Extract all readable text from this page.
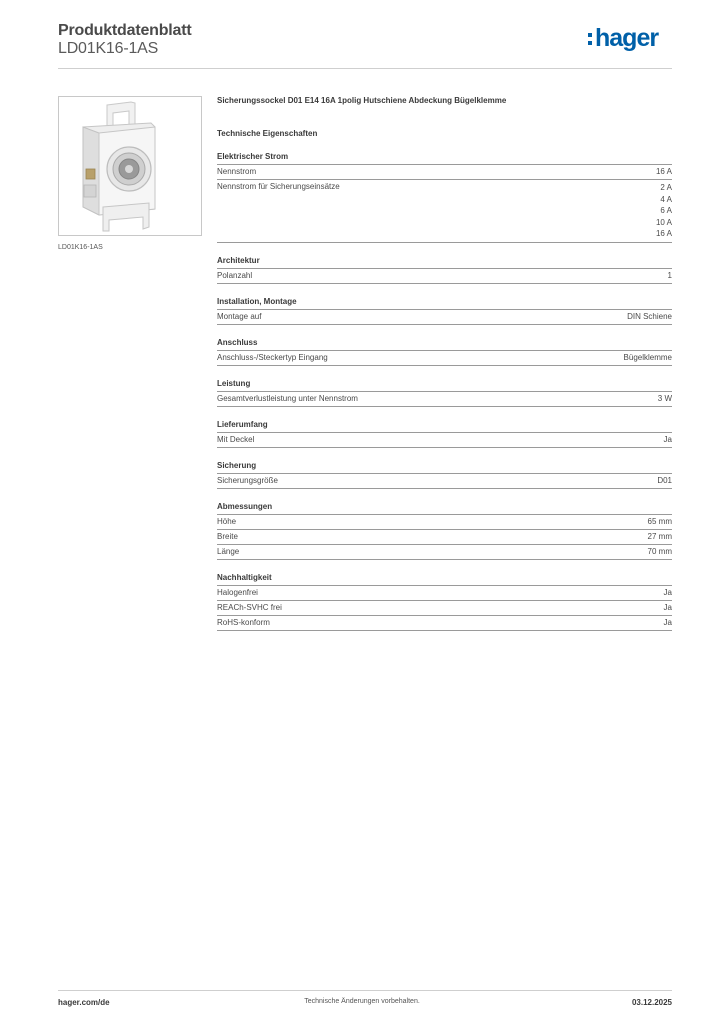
Produktdatenblatt
LD01K16-1AS	hager
LD01K16-1AS
Sicherungssockel D01 E14 16A 1polig Hutschiene Abdeckung Bügelklemme
Technische Eigenschaften
Elektrischer Strom
Nennstrom	16 A
Nennstrom für Sicherungseinsätze	2 A
4 A
6 A
10 A
16 A
Architektur
Polanzahl	1
Installation, Montage
Montage auf	DIN Schiene
Anschluss
Anschluss-/Steckertyp Eingang	Bügelklemme
Leistung
Gesamtverlustleistung unter Nennstrom	3 W
Lieferumfang
Mit Deckel	Ja
Sicherung
Sicherungsgröße	D01
Abmessungen
Höhe	65 mm
Breite	27 mm
Länge	70 mm
Nachhaltigkeit
Halogenfrei	Ja
REACh-SVHC frei	Ja
RoHS-konform	Ja
hager.com/de	Technische Änderungen vorbehalten.	03.12.2025
